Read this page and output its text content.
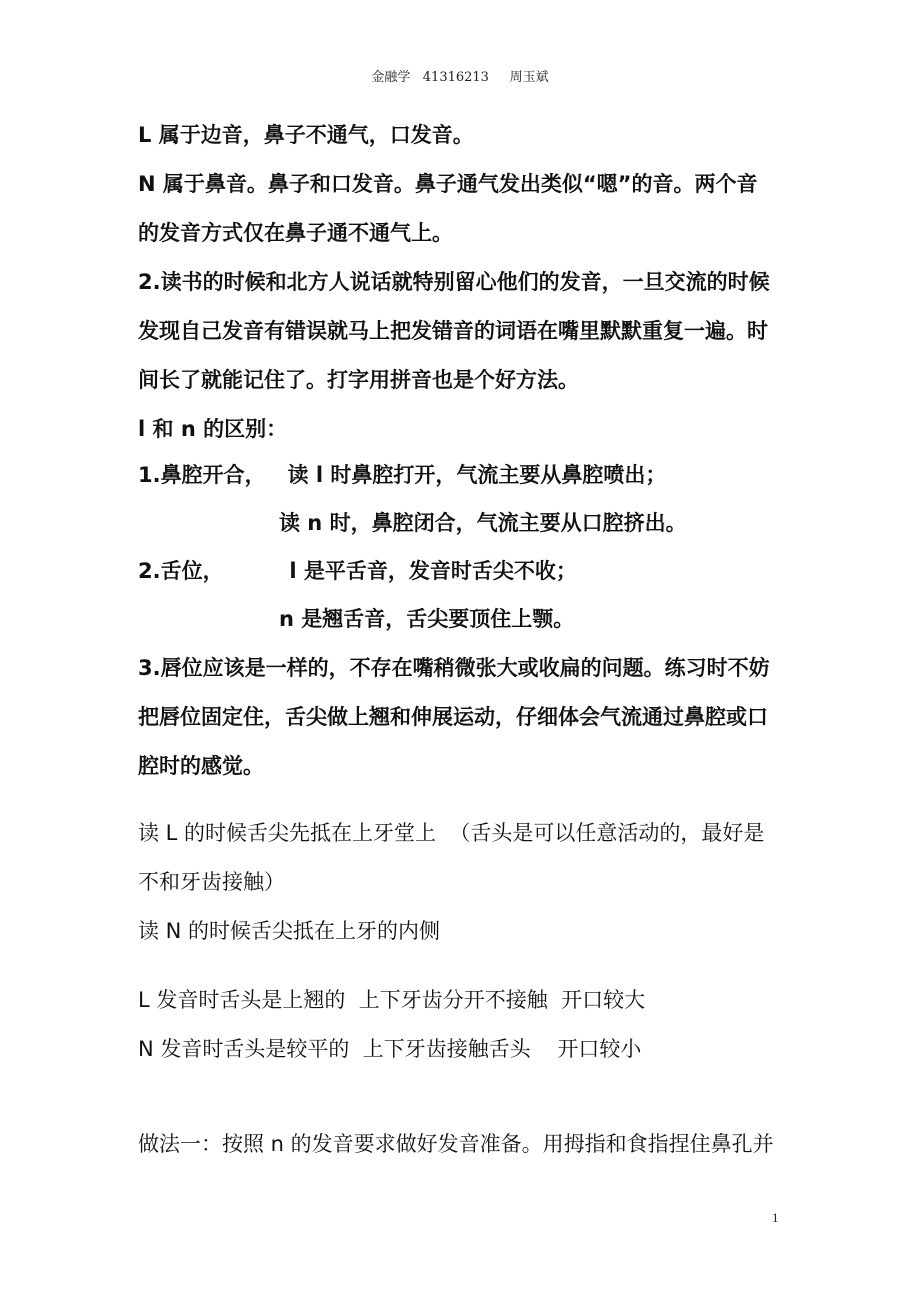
金融学   41316213     周玉斌
L 属于边音，鼻子不通气，口发音。
N 属于鼻音。鼻子和口发音。鼻子通气发出类似“嗯”的音。两个音
的发音方式仅在鼻子通不通气上。
2.读书的时候和北方人说话就特别留心他们的发音，一旦交流的时候
发现自己发音有错误就马上把发错音的词语在嘴里默默重复一遍。时
间长了就能记住了。打字用拼音也是个好方法。
l 和 n 的区别：
1.鼻腔开合，   读 l 时鼻腔打开，气流主要从鼻腔喷出；
读 n 时，鼻腔闭合，气流主要从口腔挤出。
2.舌位，         l 是平舌音，发音时舌尖不收；
n 是翘舌音，舌尖要顶住上颚。
3.唇位应该是一样的，不存在嘴稍微张大或收扁的问题。练习时不妨
把唇位固定住，舌尖做上翘和伸展运动，仔细体会气流通过鼻腔或口
腔时的感觉。
读 L 的时候舌尖先抵在上牙堂上  （舌头是可以任意活动的，最好是
不和牙齿接触）
读 N 的时候舌尖抵在上牙的内侧
L 发音时舌头是上翘的  上下牙齿分开不接触  开口较大
N 发音时舌头是较平的  上下牙齿接触舌头    开口较小
做法一：按照 n 的发音要求做好发音准备。用拇指和食指捏住鼻孔并
1
